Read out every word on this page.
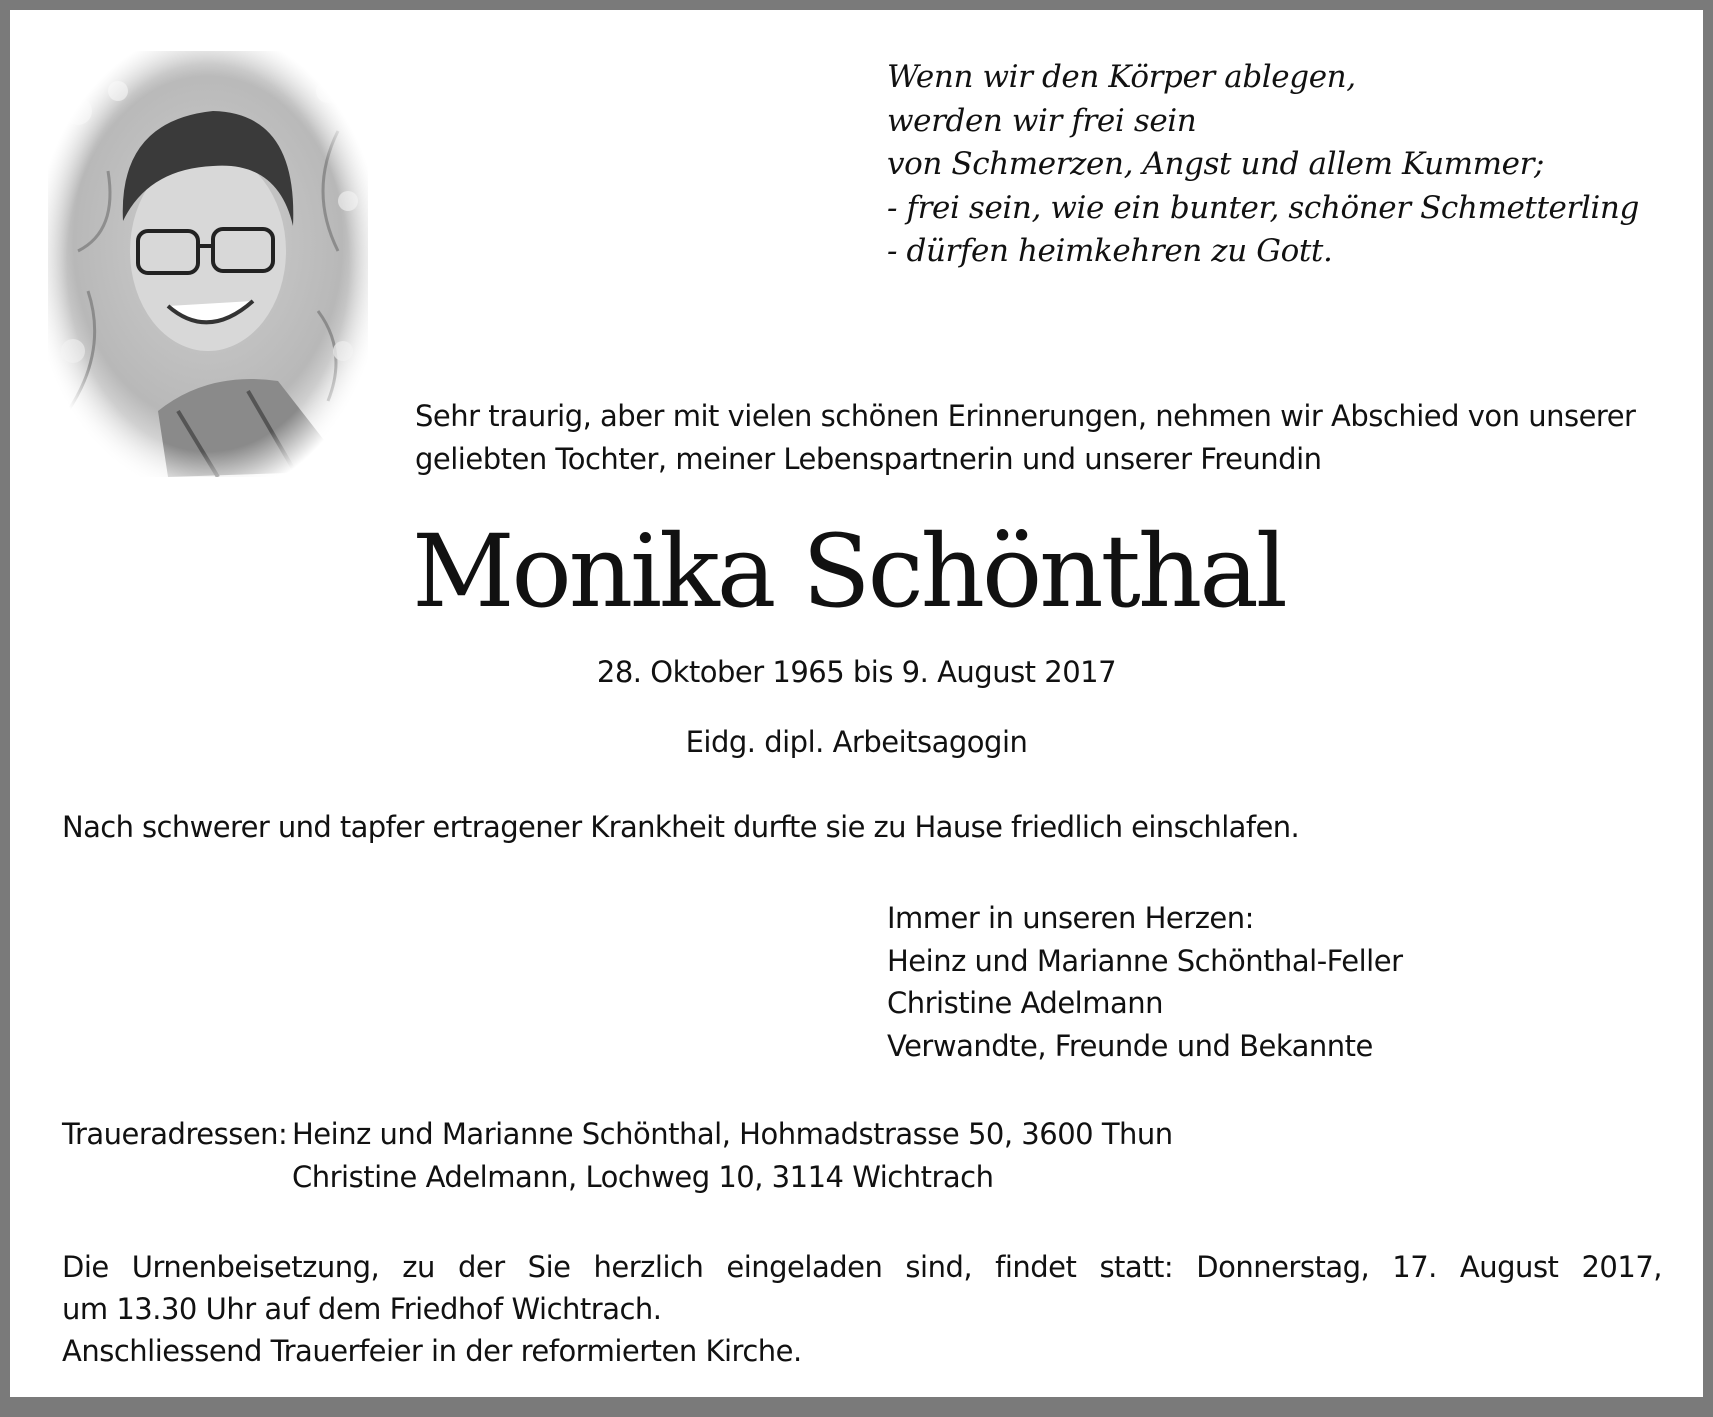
Wenn wir den Körper ablegen,
werden wir frei sein
von Schmerzen, Angst und allem Kummer;
- frei sein, wie ein bunter, schöner Schmetterling
- dürfen heimkehren zu Gott.
Sehr traurig, aber mit vielen schönen Erinnerungen, nehmen wir Abschied von unserer
geliebten Tochter, meiner Lebenspartnerin und unserer Freundin
Monika Schönthal
28. Oktober 1965 bis 9. August 2017
Eidg. dipl. Arbeitsagogin
Nach schwerer und tapfer ertragener Krankheit durfte sie zu Hause friedlich einschlafen.
Immer in unseren Herzen:
Heinz und Marianne Schönthal-Feller
Christine Adelmann
Verwandte, Freunde und Bekannte
Traueradressen: Heinz und Marianne Schönthal, Hohmadstrasse 50, 3600 Thun
Christine Adelmann, Lochweg 10, 3114 Wichtrach
Die Urnenbeisetzung, zu der Sie herzlich eingeladen sind, findet statt: Donnerstag, 17. August 2017,
um 13.30 Uhr auf dem Friedhof Wichtrach.
Anschliessend Trauerfeier in der reformierten Kirche.
